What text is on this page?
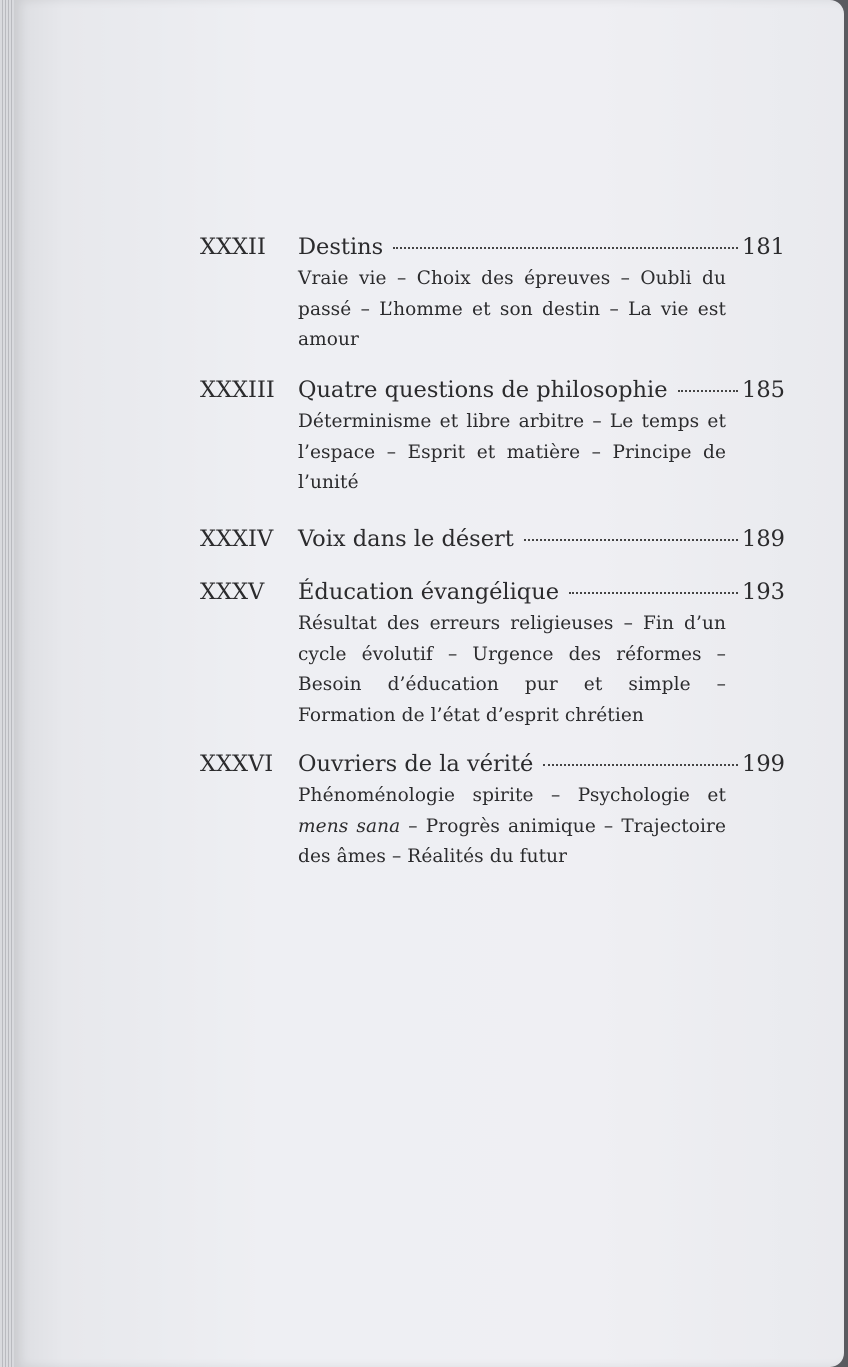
XXXII Destins	181
Vraie vie – Choix des épreuves – Oubli du passé – L’homme et son destin – La vie est amour
XXXIII Quatre questions de philosophie	185
Déterminisme et libre arbitre – Le temps et l’espace – Esprit et matière – Principe de l’unité
XXXIV Voix dans le désert	189
XXXV Éducation évangélique	193
Résultat des erreurs religieuses – Fin d’un cycle évolutif – Urgence des réformes – Besoin d’éducation pur et simple – Formation de l’état d’esprit chrétien
XXXVI Ouvriers de la vérité	199
Phénoménologie spirite – Psychologie et mens sana – Progrès animique – Trajectoire des âmes – Réalités du futur
